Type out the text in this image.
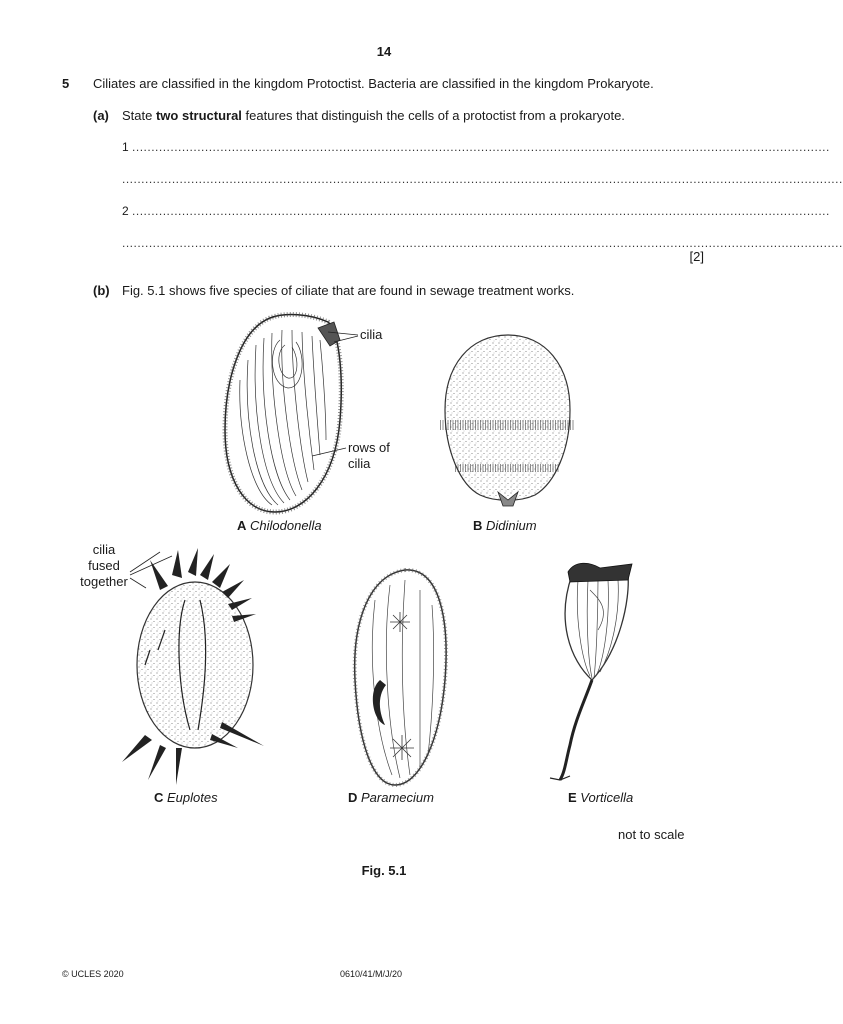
14
5 Ciliates are classified in the kingdom Protoctist. Bacteria are classified in the kingdom Prokaryote.
(a) State two structural features that distinguish the cells of a protoctist from a prokaryote.
1 ......................................................................................................................................................................................
............................................................................................................................................................................................
2 ......................................................................................................................................................................................
............................................................................................................................................................................................
[2]
(b) Fig. 5.1 shows five species of ciliate that are found in sewage treatment works.
cilia
rows of
cilia
cilia
fused
together
A Chilodonella	B Didinium
C Euplotes	D Paramecium	E Vorticella
not to scale
Fig. 5.1
© UCLES 2020	0610/41/M/J/20
